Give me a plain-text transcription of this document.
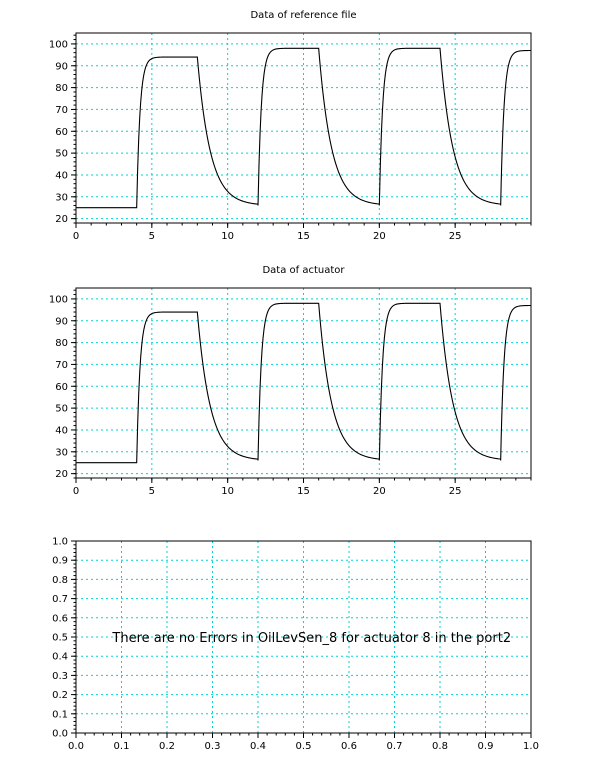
Data of reference file
0	5	10	15	20	25
20
30
40
50
60
70
80
90
100
Data of actuator
0	5	10	15	20	25
20
30
40
50
60
70
80
90
100
0.0	0.1	0.2	0.3	0.4	0.5	0.6	0.7	0.8	0.9	1.0
0.0
0.1
0.2
0.3
0.4
0.5
0.6
0.7
0.8
0.9
1.0
There are no Errors in OilLevSen_8 for actuator 8 in the port2
